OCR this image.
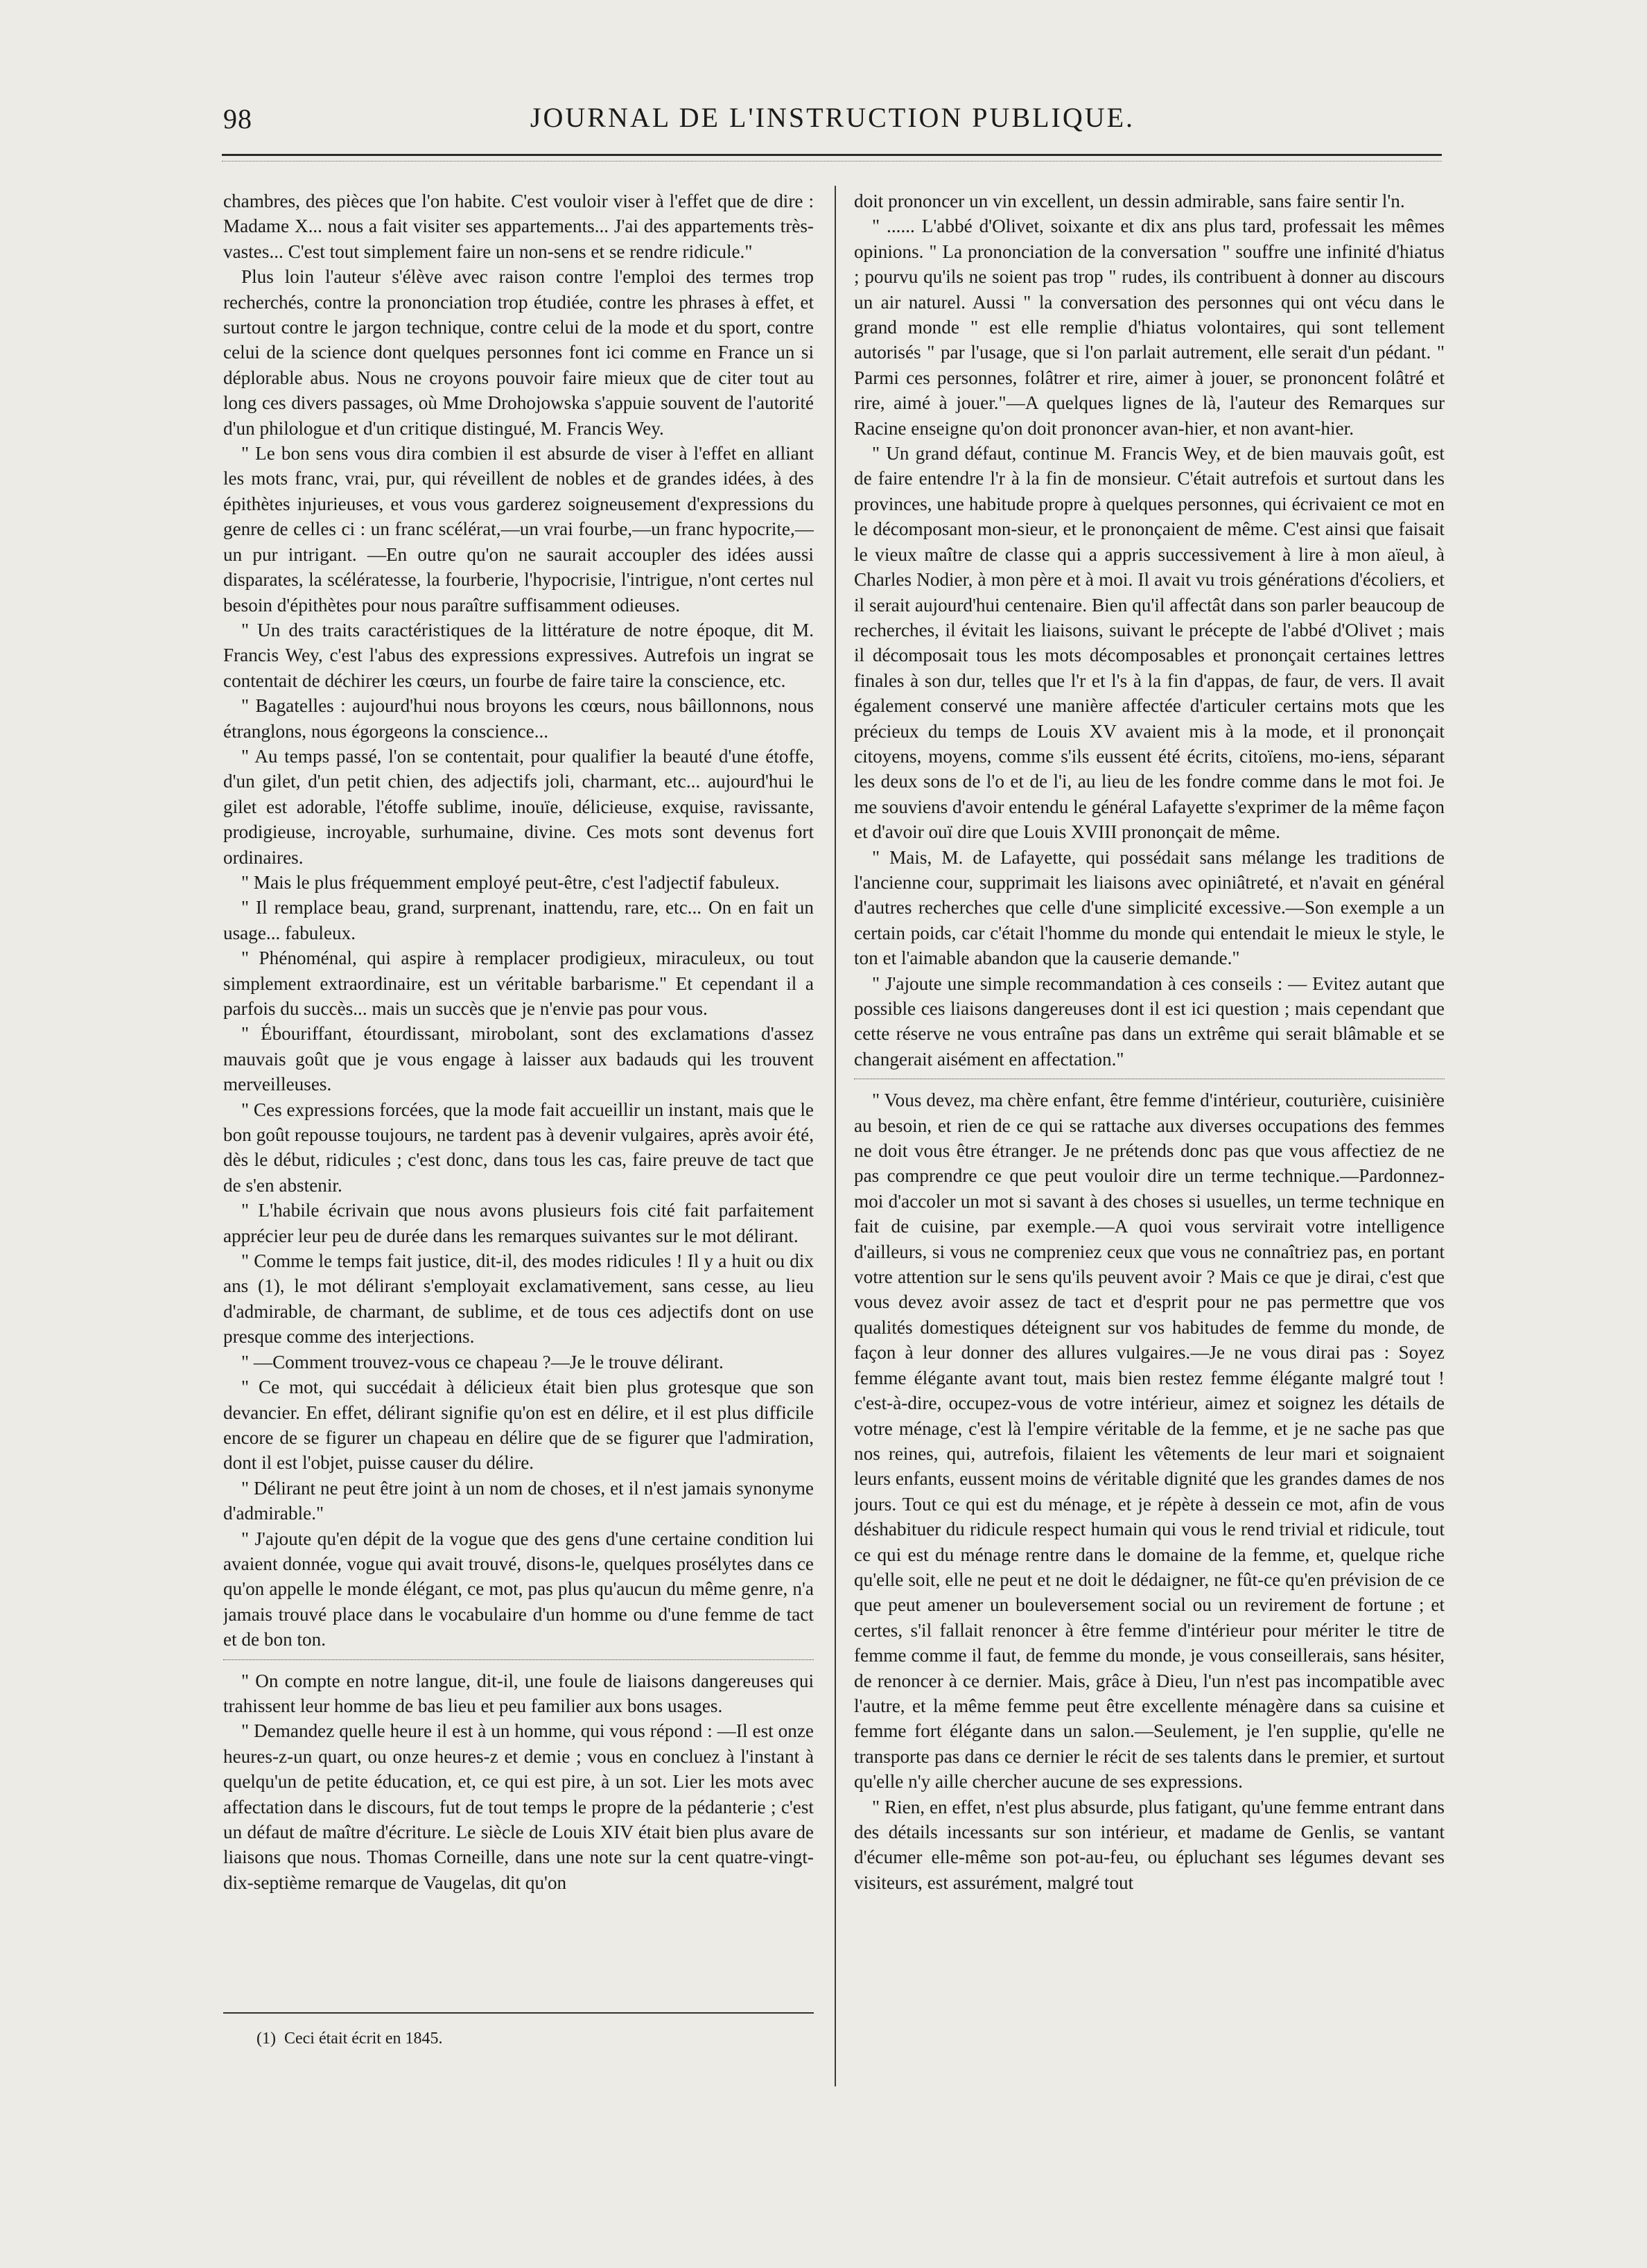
98	JOURNAL DE L'INSTRUCTION PUBLIQUE.

chambres, des pièces que l'on habite. C'est vouloir viser à l'effet que de dire : Madame X... nous a fait visiter ses appartements... J'ai des appartements très-vastes... C'est tout simplement faire un non-sens et se rendre ridicule."

Plus loin l'auteur s'élève avec raison contre l'emploi des termes trop recherchés, contre la prononciation trop étudiée, contre les phrases à effet, et surtout contre le jargon technique, contre celui de la mode et du sport, contre celui de la science dont quelques personnes font ici comme en France un si déplorable abus. Nous ne croyons pouvoir faire mieux que de citer tout au long ces divers passages, où Mme Drohojowska s'appuie souvent de l'autorité d'un philologue et d'un critique distingué, M. Francis Wey.

" Le bon sens vous dira combien il est absurde de viser à l'effet en alliant les mots franc, vrai, pur, qui réveillent de nobles et de grandes idées, à des épithètes injurieuses, et vous vous garderez soigneusement d'expressions du genre de celles ci : un franc scélérat,—un vrai fourbe,—un franc hypocrite,—un pur intrigant. —En outre qu'on ne saurait accoupler des idées aussi disparates, la scélératesse, la fourberie, l'hypocrisie, l'intrigue, n'ont certes nul besoin d'épithètes pour nous paraître suffisamment odieuses.

" Un des traits caractéristiques de la littérature de notre époque, dit M. Francis Wey, c'est l'abus des expressions expressives. Autrefois un ingrat se contentait de déchirer les cœurs, un fourbe de faire taire la conscience, etc.

" Bagatelles : aujourd'hui nous broyons les cœurs, nous bâillonnons, nous étranglons, nous égorgeons la conscience...

" Au temps passé, l'on se contentait, pour qualifier la beauté d'une étoffe, d'un gilet, d'un petit chien, des adjectifs joli, charmant, etc... aujourd'hui le gilet est adorable, l'étoffe sublime, inouïe, délicieuse, exquise, ravissante, prodigieuse, incroyable, surhumaine, divine. Ces mots sont devenus fort ordinaires.

" Mais le plus fréquemment employé peut-être, c'est l'adjectif fabuleux.

" Il remplace beau, grand, surprenant, inattendu, rare, etc... On en fait un usage... fabuleux.

" Phénoménal, qui aspire à remplacer prodigieux, miraculeux, ou tout simplement extraordinaire, est un véritable barbarisme." Et cependant il a parfois du succès... mais un succès que je n'envie pas pour vous.

" Ébouriffant, étourdissant, mirobolant, sont des exclamations d'assez mauvais goût que je vous engage à laisser aux badauds qui les trouvent merveilleuses.

" Ces expressions forcées, que la mode fait accueillir un instant, mais que le bon goût repousse toujours, ne tardent pas à devenir vulgaires, après avoir été, dès le début, ridicules ; c'est donc, dans tous les cas, faire preuve de tact que de s'en abstenir.

" L'habile écrivain que nous avons plusieurs fois cité fait parfaitement apprécier leur peu de durée dans les remarques suivantes sur le mot délirant.

" Comme le temps fait justice, dit-il, des modes ridicules ! Il y a huit ou dix ans (1), le mot délirant s'employait exclamativement, sans cesse, au lieu d'admirable, de charmant, de sublime, et de tous ces adjectifs dont on use presque comme des interjections.

" —Comment trouvez-vous ce chapeau ?—Je le trouve délirant.

" Ce mot, qui succédait à délicieux était bien plus grotesque que son devancier. En effet, délirant signifie qu'on est en délire, et il est plus difficile encore de se figurer un chapeau en délire que de se figurer que l'admiration, dont il est l'objet, puisse causer du délire.

" Délirant ne peut être joint à un nom de choses, et il n'est jamais synonyme d'admirable."

" J'ajoute qu'en dépit de la vogue que des gens d'une certaine condition lui avaient donnée, vogue qui avait trouvé, disons-le, quelques prosélytes dans ce qu'on appelle le monde élégant, ce mot, pas plus qu'aucun du même genre, n'a jamais trouvé place dans le vocabulaire d'un homme ou d'une femme de tact et de bon ton.

" On compte en notre langue, dit-il, une foule de liaisons dangereuses qui trahissent leur homme de bas lieu et peu familier aux bons usages.

" Demandez quelle heure il est à un homme, qui vous répond : —Il est onze heures-z-un quart, ou onze heures-z et demie ; vous en concluez à l'instant à quelqu'un de petite éducation, et, ce qui est pire, à un sot. Lier les mots avec affectation dans le discours, fut de tout temps le propre de la pédanterie ; c'est un défaut de maître d'écriture. Le siècle de Louis XIV était bien plus avare de liaisons que nous. Thomas Corneille, dans une note sur la cent quatre-vingt-dix-septième remarque de Vaugelas, dit qu'on

doit prononcer un vin excellent, un dessin admirable, sans faire sentir l'n.

" ...... L'abbé d'Olivet, soixante et dix ans plus tard, professait les mêmes opinions. " La prononciation de la conversation " souffre une infinité d'hiatus ; pourvu qu'ils ne soient pas trop " rudes, ils contribuent à donner au discours un air naturel. Aussi " la conversation des personnes qui ont vécu dans le grand monde " est elle remplie d'hiatus volontaires, qui sont tellement autorisés " par l'usage, que si l'on parlait autrement, elle serait d'un pédant. " Parmi ces personnes, folâtrer et rire, aimer à jouer, se prononcent folâtré et rire, aimé à jouer."—A quelques lignes de là, l'auteur des Remarques sur Racine enseigne qu'on doit prononcer avan-hier, et non avant-hier.

" Un grand défaut, continue M. Francis Wey, et de bien mauvais goût, est de faire entendre l'r à la fin de monsieur. C'était autrefois et surtout dans les provinces, une habitude propre à quelques personnes, qui écrivaient ce mot en le décomposant mon-sieur, et le prononçaient de même. C'est ainsi que faisait le vieux maître de classe qui a appris successivement à lire à mon aïeul, à Charles Nodier, à mon père et à moi. Il avait vu trois générations d'écoliers, et il serait aujourd'hui centenaire. Bien qu'il affectât dans son parler beaucoup de recherches, il évitait les liaisons, suivant le précepte de l'abbé d'Olivet ; mais il décomposait tous les mots décomposables et prononçait certaines lettres finales à son dur, telles que l'r et l's à la fin d'appas, de faur, de vers. Il avait également conservé une manière affectée d'articuler certains mots que les précieux du temps de Louis XV avaient mis à la mode, et il prononçait citoyens, moyens, comme s'ils eussent été écrits, citoïens, mo-iens, séparant les deux sons de l'o et de l'i, au lieu de les fondre comme dans le mot foi. Je me souviens d'avoir entendu le général Lafayette s'exprimer de la même façon et d'avoir ouï dire que Louis XVIII prononçait de même.

" Mais, M. de Lafayette, qui possédait sans mélange les traditions de l'ancienne cour, supprimait les liaisons avec opiniâtreté, et n'avait en général d'autres recherches que celle d'une simplicité excessive.—Son exemple a un certain poids, car c'était l'homme du monde qui entendait le mieux le style, le ton et l'aimable abandon que la causerie demande."

" J'ajoute une simple recommandation à ces conseils : — Evitez autant que possible ces liaisons dangereuses dont il est ici question ; mais cependant que cette réserve ne vous entraîne pas dans un extrême qui serait blâmable et se changerait aisément en affectation."

" Vous devez, ma chère enfant, être femme d'intérieur, couturière, cuisinière au besoin, et rien de ce qui se rattache aux diverses occupations des femmes ne doit vous être étranger. Je ne prétends donc pas que vous affectiez de ne pas comprendre ce que peut vouloir dire un terme technique.—Pardonnez-moi d'accoler un mot si savant à des choses si usuelles, un terme technique en fait de cuisine, par exemple.—A quoi vous servirait votre intelligence d'ailleurs, si vous ne compreniez ceux que vous ne connaîtriez pas, en portant votre attention sur le sens qu'ils peuvent avoir ? Mais ce que je dirai, c'est que vous devez avoir assez de tact et d'esprit pour ne pas permettre que vos qualités domestiques déteignent sur vos habitudes de femme du monde, de façon à leur donner des allures vulgaires.—Je ne vous dirai pas : Soyez femme élégante avant tout, mais bien restez femme élégante malgré tout ! c'est-à-dire, occupez-vous de votre intérieur, aimez et soignez les détails de votre ménage, c'est là l'empire véritable de la femme, et je ne sache pas que nos reines, qui, autrefois, filaient les vêtements de leur mari et soignaient leurs enfants, eussent moins de véritable dignité que les grandes dames de nos jours. Tout ce qui est du ménage, et je répète à dessein ce mot, afin de vous déshabituer du ridicule respect humain qui vous le rend trivial et ridicule, tout ce qui est du ménage rentre dans le domaine de la femme, et, quelque riche qu'elle soit, elle ne peut et ne doit le dédaigner, ne fût-ce qu'en prévision de ce que peut amener un bouleversement social ou un revirement de fortune ; et certes, s'il fallait renoncer à être femme d'intérieur pour mériter le titre de femme comme il faut, de femme du monde, je vous conseillerais, sans hésiter, de renoncer à ce dernier. Mais, grâce à Dieu, l'un n'est pas incompatible avec l'autre, et la même femme peut être excellente ménagère dans sa cuisine et femme fort élégante dans un salon.—Seulement, je l'en supplie, qu'elle ne transporte pas dans ce dernier le récit de ses talents dans le premier, et surtout qu'elle n'y aille chercher aucune de ses expressions.

" Rien, en effet, n'est plus absurde, plus fatigant, qu'une femme entrant dans des détails incessants sur son intérieur, et madame de Genlis, se vantant d'écumer elle-même son pot-au-feu, ou épluchant ses légumes devant ses visiteurs, est assurément, malgré tout

(1) Ceci était écrit en 1845.
